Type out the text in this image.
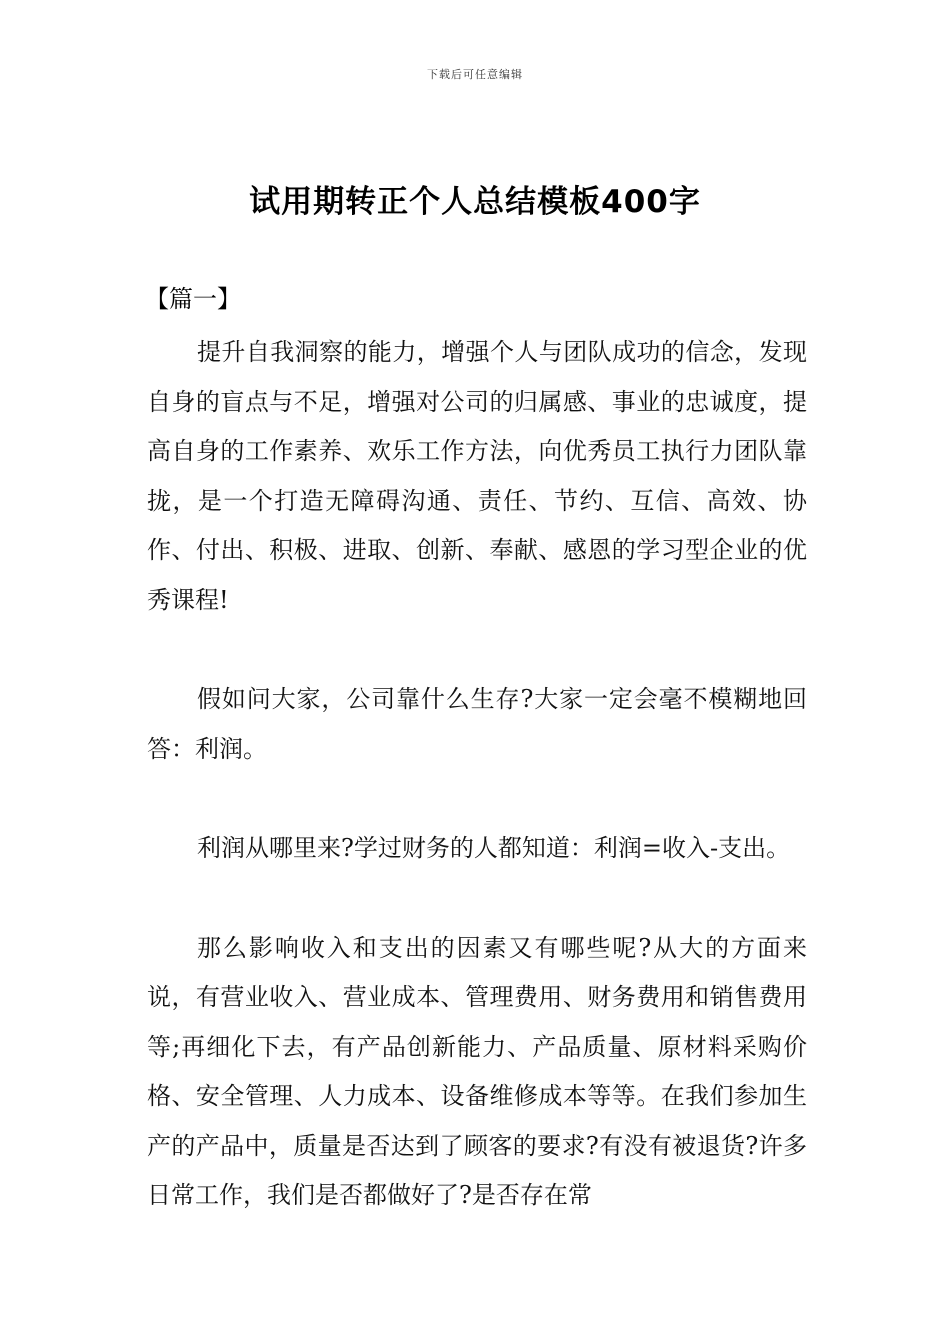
下载后可任意编辑
试用期转正个人总结模板400字
【篇一】

提升自我洞察的能力，增强个人与团队成功的信念，发现自身的盲点与不足，增强对公司的归属感、事业的忠诚度，提高自身的工作素养、欢乐工作方法，向优秀员工执行力团队靠拢，是一个打造无障碍沟通、责任、节约、互信、高效、协作、付出、积极、进取、创新、奉献、感恩的学习型企业的优秀课程!

假如问大家，公司靠什么生存?大家一定会毫不模糊地回答：利润。

利润从哪里来?学过财务的人都知道：利润=收入-支出。

那么影响收入和支出的因素又有哪些呢?从大的方面来说，有营业收入、营业成本、管理费用、财务费用和销售费用等;再细化下去，有产品创新能力、产品质量、原材料采购价格、安全管理、人力成本、设备维修成本等等。在我们参加生产的产品中，质量是否达到了顾客的要求?有没有被退货?许多日常工作，我们是否都做好了?是否存在常
